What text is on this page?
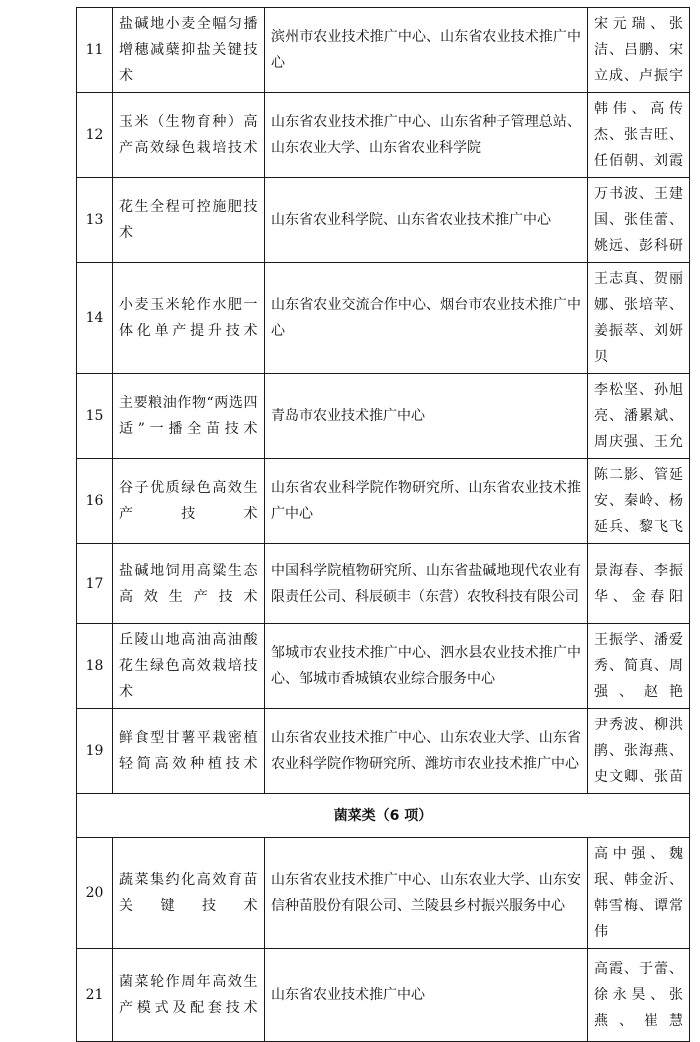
11	盐碱地小麦全幅匀播增穗减蘖抑盐关键技术	滨州市农业技术推广中心、山东省农业技术推广中心	宋元瑞、张洁、吕鹏、宋立成、卢振宇
12	玉米（生物育种）高产高效绿色栽培技术	山东省农业技术推广中心、山东省种子管理总站、山东农业大学、山东省农业科学院	韩伟、高传杰、张吉旺、任佰朝、刘霞
13	花生全程可控施肥技术	山东省农业科学院、山东省农业技术推广中心	万书波、王建国、张佳蕾、姚远、彭科研
14	小麦玉米轮作水肥一体化单产提升技术	山东省农业交流合作中心、烟台市农业技术推广中心	王志真、贺丽娜、张培苹、姜振萃、刘妍贝
15	主要粮油作物“两选四适”一播全苗技术	青岛市农业技术推广中心	李松坚、孙旭亮、潘累斌、周庆强、王允
16	谷子优质绿色高效生产技术	山东省农业科学院作物研究所、山东省农业技术推广中心	陈二影、管延安、秦岭、杨延兵、黎飞飞
17	盐碱地饲用高粱生态高效生产技术	中国科学院植物研究所、山东省盐碱地现代农业有限责任公司、科辰硕丰（东营）农牧科技有限公司	景海春、李振华、金春阳
18	丘陵山地高油高油酸花生绿色高效栽培技术	邹城市农业技术推广中心、泗水县农业技术推广中心、邹城市香城镇农业综合服务中心	王振学、潘爱秀、简真、周强、赵艳
19	鲜食型甘薯平栽密植轻简高效种植技术	山东省农业技术推广中心、山东农业大学、山东省农业科学院作物研究所、潍坊市农业技术推广中心	尹秀波、柳洪鹃、张海燕、史文卿、张苗
菌菜类（6 项）			
20	蔬菜集约化高效育苗关键技术	山东省农业技术推广中心、山东农业大学、山东安信种苗股份有限公司、兰陵县乡村振兴服务中心	高中强、魏珉、韩金沂、韩雪梅、谭常伟
21	菌菜轮作周年高效生产模式及配套技术	山东省农业技术推广中心	高霞、于蕾、徐永昊、张燕、崔慧
